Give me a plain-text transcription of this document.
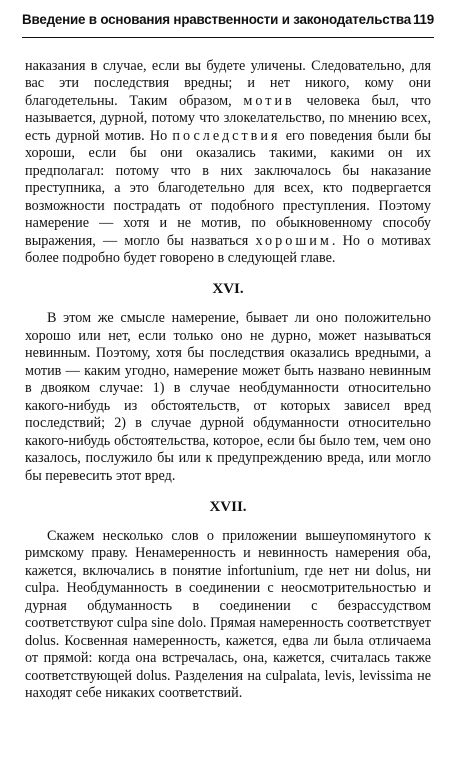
Введение в основания нравственности и законодательства 119

наказания в случае, если вы будете уличены. Следовательно, для вас эти последствия вредны; и нет никого, кому они благодетельны. Таким образом, мотив человека был, что называется, дурной, потому что злокелательство, по мнению всех, есть дурной мотив. Но последствия его поведения были бы хороши, если бы они оказались такими, какими он их предполагал: потому что в них заключалось бы наказание преступника, а это благодетельно для всех, кто подвергается возможности пострадать от подобного преступления. Поэтому намерение — хотя и не мотив, по обыкновенному способу выражения, — могло бы назваться хорошим. Но о мотивах более подробно будет говорено в следующей главе.

XVI.

В этом же смысле намерение, бывает ли оно положительно хорошо или нет, если только оно не дурно, может называться невинным. Поэтому, хотя бы последствия оказались вредными, а мотив — каким угодно, намерение может быть названо невинным в двояком случае: 1) в случае необдуманности относительно какого-нибудь из обстоятельств, от которых зависел вред последствий; 2) в случае дурной обдуманности относительно какого-нибудь обстоятельства, которое, если бы было тем, чем оно казалось, послужило бы или к предупреждению вреда, или могло бы перевесить этот вред.

XVII.

Скажем несколько слов о приложении вышеупомянутого к римскому праву. Ненамеренность и невинность намерения оба, кажется, включались в понятие infortunium, где нет ни dolus, ни culpa. Необдуманность в соединении с неосмотрительностью и дурная обдуманность в соединении с безрассудством соответствуют culpa sine dolo. Прямая намеренность соответствует dolus. Косвенная намеренность, кажется, едва ли была отличаема от прямой: когда она встречалась, она, кажется, считалась также соответствующей dolus. Разделения на culpalata, levis, levissima не находят себе никаких соответствий.
